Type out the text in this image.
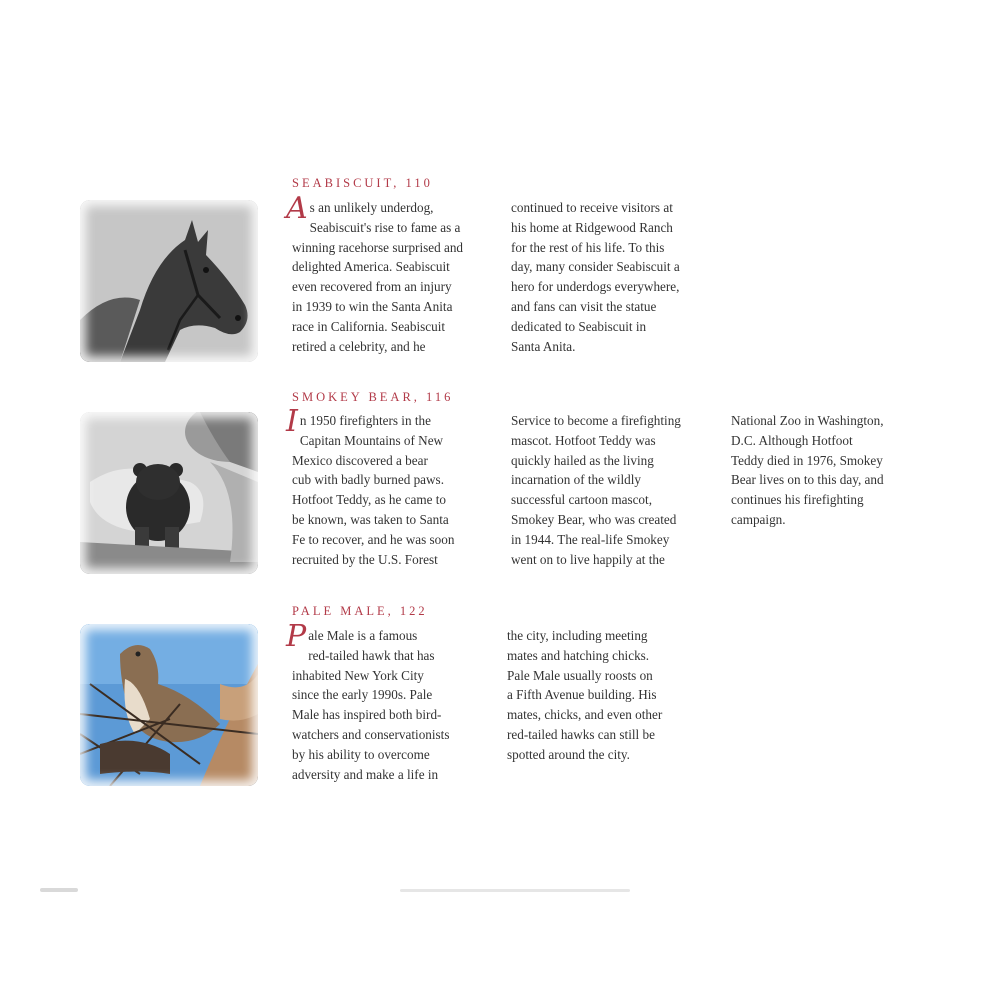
SEABISCUIT, 110
A s an unlikely underdog,
Seabiscuit's rise to fame as a
winning racehorse surprised and
delighted America. Seabiscuit
even recovered from an injury
in 1939 to win the Santa Anita
race in California. Seabiscuit
retired a celebrity, and he
continued to receive visitors at
his home at Ridgewood Ranch
for the rest of his life. To this
day, many consider Seabiscuit a
hero for underdogs everywhere,
and fans can visit the statue
dedicated to Seabiscuit in
Santa Anita.
SMOKEY BEAR, 116
I n 1950 firefighters in the
Capitan Mountains of New
Mexico discovered a bear
cub with badly burned paws.
Hotfoot Teddy, as he came to
be known, was taken to Santa
Fe to recover, and he was soon
recruited by the U.S. Forest
Service to become a firefighting
mascot. Hotfoot Teddy was
quickly hailed as the living
incarnation of the wildly
successful cartoon mascot,
Smokey Bear, who was created
in 1944. The real-life Smokey
went on to live happily at the
National Zoo in Washington,
D.C. Although Hotfoot
Teddy died in 1976, Smokey
Bear lives on to this day, and
continues his firefighting
campaign.
PALE MALE, 122
P ale Male is a famous
red-tailed hawk that has
inhabited New York City
since the early 1990s. Pale
Male has inspired both bird-
watchers and conservationists
by his ability to overcome
adversity and make a life in
the city, including meeting
mates and hatching chicks.
Pale Male usually roosts on
a Fifth Avenue building. His
mates, chicks, and even other
red-tailed hawks can still be
spotted around the city.
